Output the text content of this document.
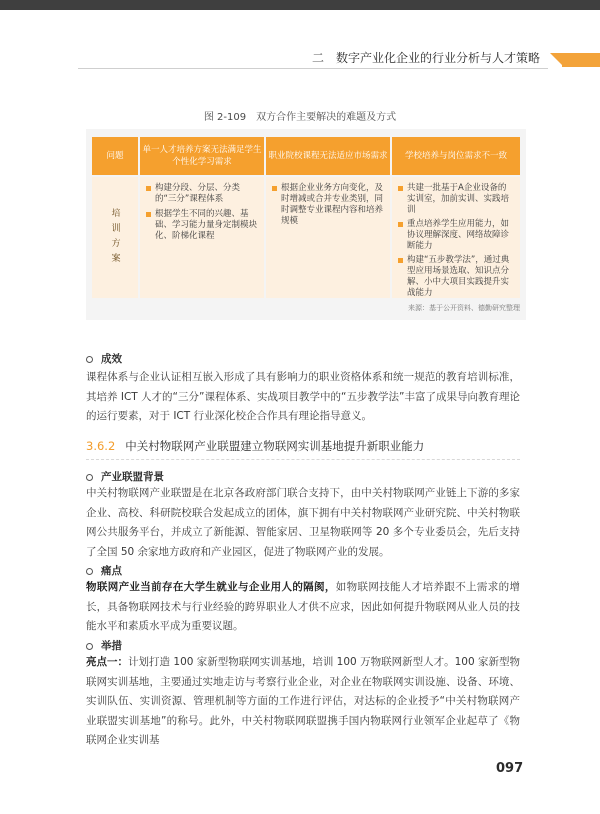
二　数字产业化企业的行业分析与人才策略
图 2-109　双方合作主要解决的难题及方式
问题
单一人才培养方案无法满足学生个性化学习需求
职业院校课程无法适应市场需求	学校培养与岗位需求不一致
培训方案
构建分段、分层、分类的“三分”课程体系
根据学生不同的兴趣、基础、学习能力量身定制模块化、阶梯化课程
根据企业业务方向变化，及时增减或合并专业类别，同时调整专业课程内容和培养规模
共建一批基于A企业设备的实训室，加前实训、实践培训
重点培养学生应用能力，如协议理解深度、网络故障诊断能力
构建“五步教学法”，通过典型应用场景选取、知识点分解、小中大项目实践提升实战能力
来源：基于公开资料、德勤研究整理
成效
课程体系与企业认证相互嵌入形成了具有影响力的职业资格体系和统一规范的教育培训标准，其培养 ICT 人才的“三分”课程体系、实战项目教学中的“五步教学法”丰富了成果导向教育理论的运行要素，对于 ICT 行业深化校企合作具有理论指导意义。
3.6.2 中关村物联网产业联盟建立物联网实训基地提升新职业能力
产业联盟背景
中关村物联网产业联盟是在北京各政府部门联合支持下，由中关村物联网产业链上下游的多家企业、高校、科研院校联合发起成立的团体，旗下拥有中关村物联网产业研究院、中关村物联网公共服务平台，并成立了新能源、智能家居、卫星物联网等 20 多个专业委员会，先后支持了全国 50 余家地方政府和产业园区，促进了物联网产业的发展。
痛点
物联网产业当前存在大学生就业与企业用人的隔阂，如物联网技能人才培养跟不上需求的增长，具备物联网技术与行业经验的跨界职业人才供不应求，因此如何提升物联网从业人员的技能水平和素质水平成为重要议题。
举措
亮点一：计划打造 100 家新型物联网实训基地，培训 100 万物联网新型人才。100 家新型物联网实训基地，主要通过实地走访与考察行业企业，对企业在物联网实训设施、设备、环境、实训队伍、实训资源、管理机制等方面的工作进行评估，对达标的企业授予“中关村物联网产业联盟实训基地”的称号。此外，中关村物联网联盟携手国内物联网行业领军企业起草了《物联网企业实训基
097
